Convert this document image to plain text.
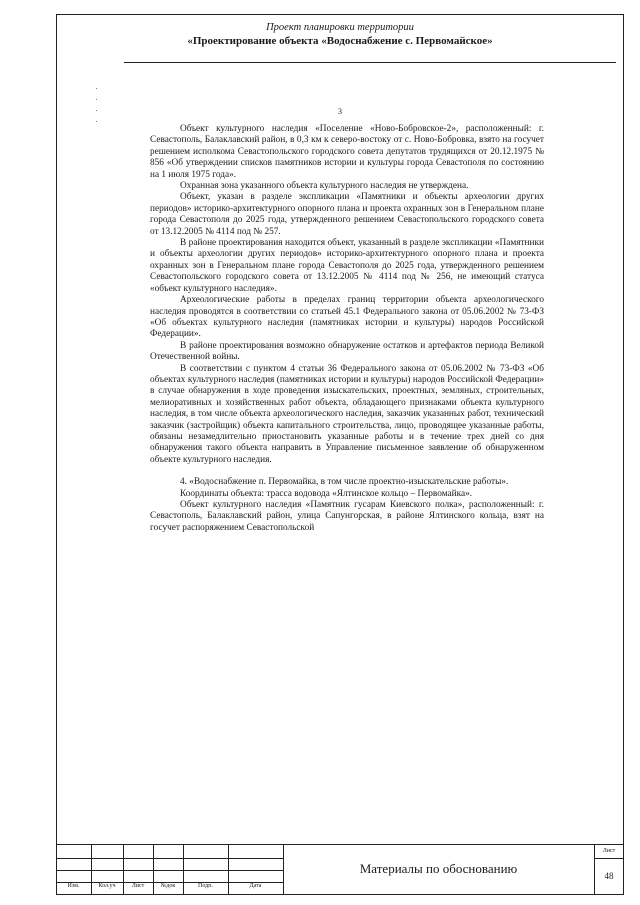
Проект планировки территории
«Проектирование объекта «Водоснабжение с. Первомайское»
3

Объект культурного наследия «Поселение «Ново-Бобровское-2», расположенный: г. Севастополь, Балаклавский район, в 0,3 км к северо-востоку от с. Ново-Бобровка, взято на госучет решением исполкома Севастопольского городского совета депутатов трудящихся от 20.12.1975 № 856 «Об утверждении списков памятников истории и культуры города Севастополя по состоянию на 1 июля 1975 года».

Охранная зона указанного объекта культурного наследия не утверждена.

Объект, указан в разделе экспликации «Памятники и объекты археологии других периодов» историко-архитектурного опорного плана и проекта охранных зон в Генеральном плане города Севастополя до 2025 года, утвержденного решением Севастопольского городского совета от 13.12.2005 № 4114 под № 257.

В районе проектирования находится объект, указанный в разделе экспликации «Памятники и объекты археологии других периодов» историко-архитектурного опорного плана и проекта охранных зон в Генеральном плане города Севастополя до 2025 года, утвержденного решением Севастопольского городского совета от 13.12.2005 № 4114 под № 256, не имеющий статуса «объект культурного наследия».

Археологические работы в пределах границ территории объекта археологического наследия проводятся в соответствии со статьей 45.1 Федерального закона от 05.06.2002 № 73-ФЗ «Об объектах культурного наследия (памятниках истории и культуры) народов Российской Федерации».

В районе проектирования возможно обнаружение остатков и артефактов периода Великой Отечественной войны.

В соответствии с пунктом 4 статьи 36 Федерального закона от 05.06.2002 № 73-ФЗ «Об объектах культурного наследия (памятниках истории и культуры) народов Российской Федерации» в случае обнаружения в ходе проведения изыскательских, проектных, земляных, строительных, мелиоративных и хозяйственных работ объекта, обладающего признаками объекта культурного наследия, в том числе объекта археологического наследия, заказчик указанных работ, технический заказчик (застройщик) объекта капитального строительства, лицо, проводящее указанные работы, обязаны незамедлительно приостановить указанные работы и в течение трех дней со дня обнаружения такого объекта направить в Управление письменное заявление об обнаруженном объекте культурного наследия.

4. «Водоснабжение п. Первомайка, в том числе проектно-изыскательские работы».

Координаты объекта: трасса водовода «Ялтинское кольцо – Первомайка».

Объект культурного наследия «Памятник гусарам Киевского полка», расположенный: г. Севастополь, Балаклавский район, улица Сапунгорская, в районе Ялтинского кольца, взят на госучет распоряжением Севастопольской

Изм.	Кол.уч	Лист	№док	Подп.	Дата
Материалы по обоснованию
Лист
48
